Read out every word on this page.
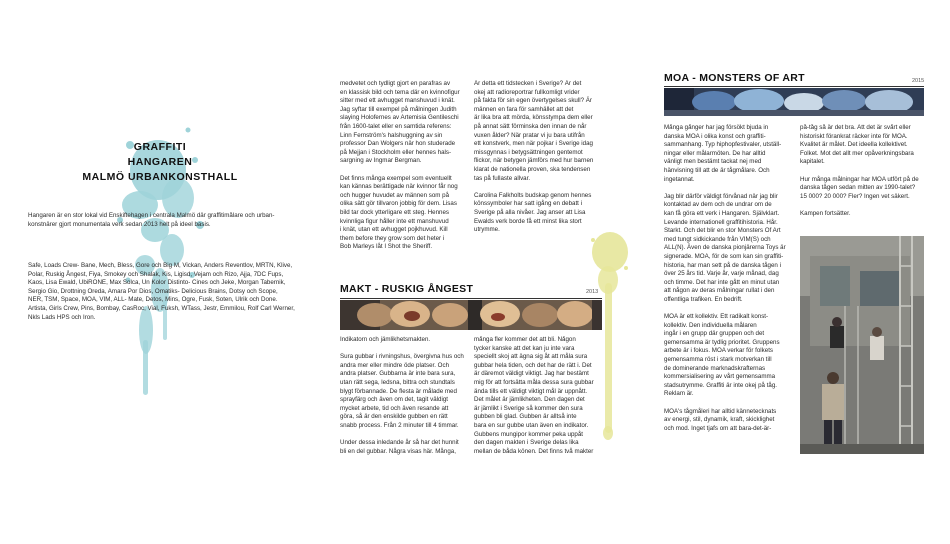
GRAFFITI
HANGAREN
MALMÖ URBANKONSTHALL
Hangaren är en stor lokal vid Enskiftehagen i centrala Malmö där graffitimålare och urban-
konstnärer gjort monumentala verk sedan 2013 helt på ideel basis.
Safe, Loads Crew- Bane, Mech, Bless, Gore och Big M, Vickan, Anders Reventlov, MRTN, Klive,
Polar, Ruskig Ångest, Fiya, Smokey och Shalak, Kis, Ligisd, Vejam och Rizo, Ajja, 7DC Fups,
Kaos, Lisa Ewald, UbiRONE, Max Solca, Un Kolor Distinto- Cines och Jeke, Morgan Tabernik,
Sergio Gio, Drottning Oreda, Amara Por Dios, Omatiks- Delicious Brains, Dotsy och Scope,
NER, TSM, Space, MOA, VIM, ALL- Mate, Detos, Mins, Ogre, Fusk, Soten, Ulrik och Done.
Artista, Girls Crew, Pins, Bombay, CasRoc, Vial, Fuksh, WTass, Jestr, Emmilou, Rolf Carl Werner,
Nkls Lads HPS och Iron.
medvetet och tydligt gjort en parafras av
en klassisk bild och tema där en kvinnofigur
sitter med ett avhugget manshuvud i knät.
Jag syftar till exempel på målningen Judith
slaying Holofernes av Artemisia Gentileschi
från 1600-talet eller en samtida referens:
Linn Fernström's halshuggning av sin
professor Dan Wolgers när hon studerade
på Mejjan i Stockholm eller hennes hals-
sargning av Ingmar Bergman.

Det finns många exempel som eventuellt
kan kännas berättigade när kvinnor får nog
och hugger huvudet av männen som på
olika sätt gör tillvaron jobbig för dem. Lisas
bild tar dock ytterligare ett steg. Hennes
kvinnliga figur håller inte ett manshuvud
i knät, utan ett avhugget pojkhuvud. Kill
them before they grow som det heter i
Bob Marleys låt I Shot the Sheriff.
Är detta ett tidstecken i Sverige? Är det
okej att radioreportrar fullkomligt vrider
på fakta för sin egen övertygelses skull? Är
männen en fara för samhället att det
är lika bra att mörda, könsstympa dem eller
på annat sätt förminska den innan de når
vuxen ålder? När pratar vi ju bara utifrån
ett konstverk, men när pojkar i Sverige idag
missgynnas i betygsättningen gentemot
flickor, när betygen jämförs med hur barnen
klarat de nationella proven, ska tendensen
tas på fullaste allvar.

Carolina Falkholts budskap genom hennes
könssymboler har satt igång en debatt i
Sverige på alla nivåer. Jag anser att Lisa
Ewalds verk borde få ett minst lika stort
utrymme.
MAKT - RUSKIG ÅNGEST	2013
Indikatorn och jämlikhetsmakten.

Sura gubbar i rivningshus, övergivna hus och
andra mer eller mindre öde platser. Och
andra platser. Gubbarna är inte bara sura,
utan rätt sega, ledsna, bittra och stundtals
blygt förbannade. De flesta är målade med
sprayfärg och även om det, tagit väldigt
mycket arbete, tid och även resande att
göra, så är den enskilde gubben en rätt
snabb process. Från 2 minuter till 4 timmar.

Under dessa inledande år så har det hunnit
bli en del gubbar. Några visas här. Många,
många fler kommer det att bli. Någon
tycker kanske att det kan ju inte vara
speciellt skoj att ägna sig åt att måla sura
gubbar hela tiden, och det har de rätt i. Det
är däremot väldigt viktigt. Jag har bestämt
mig för att fortsätta måla dessa sura gubbar
ända tills ett väldigt viktigt mål är uppnått.
Det målet är jämlikheten. Den dagen det
är jämlikt i Sverige så kommer den sura
gubben bli glad. Gubben är alltså inte
bara en sur gubbe utan även en indikator.
Gubbens mungipor kommer peka uppåt
den dagen makten i Sverige delas lika
mellan de båda könen. Det finns två makter
MOA - MONSTERS OF ART	2015
Många gånger har jag försökt bjuda in
danska MOA i olika konst och graffiti-
sammanhang. Typ hiphopfestivaler, utställ-
ningar eller målarmöten. De har alltid
vänligt men bestämt tackat nej med
hänvisning till att de är tågmålare. Och
ingetannat.

Jag blir därför väldigt förvånad när jag blir
kontaktad av dem och de undrar om de
kan få göra ett verk i Hangaren. Självklart.
Levande internationell graffitihistoria. Hår.
Starkt. Och det blir en stor Monsters Of Art
med tungt sidkickande från VIM(S) och
ALL(N). Även de danska pionjärerna Toys är
signerade. MOA, för de som kan sin graffiti-
historia, har man sett på de danska tågen i
över 25 års tid. Varje år, varje månad, dag
och timme. Det har inte gått en minut utan
att någon av deras målningar rullat i den
offentliga trafiken. En bedrift.

MOA är ett kollektiv. Ett radikalt konst-
kollektiv. Den individuella målaren
ingår i en grupp där gruppen och det
gemensamma är tydlig prioritet. Gruppens
arbete är i fokus. MOA verkar för folkets
gemensamma röst i stark motverkan till
de dominerande marknadskrafternas
kommersialisering av vårt gemensamma
stadsutrymme. Graffiti är inte okej på tåg.
Reklam är.

MOA's tågmåleri har alltid kännetecknats
av energi, stil, dynamik, kraft, skicklighet
och mod. Inget tjafs om att bara-det-är-
på-tåg så är det bra. Att det är svårt eller
historiskt förankrat räcker inte för MOA.
Kvalitet är målet. Det ideella kollektivet.
Folket. Mot det allt mer opåverkningsbara
kapitalet.

Hur många målningar har MOA utfört på de
danska tågen sedan mitten av 1990-talet?
15 000? 20 000? Fler? Ingen vet säkert.

Kampen fortsätter.
